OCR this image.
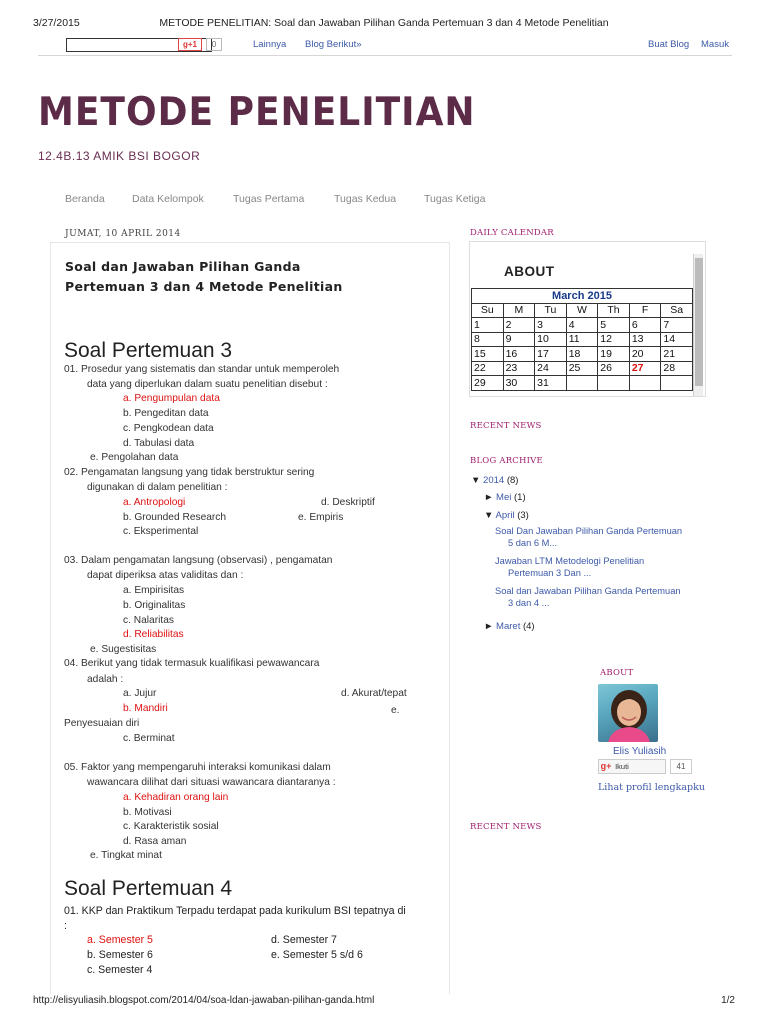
3/27/2015	METODE PENELITIAN: Soal dan Jawaban Pilihan Ganda Pertemuan 3 dan 4 Metode Penelitian
http://elisyuliasih.blogspot.com/2014/04/soa-ldan-jawaban-pilihan-ganda.html	1/2
g+1	0	Lainnya Blog Berikut»	Buat Blog Masuk
METODE PENELITIAN
12.4B.13 AMIK BSI BOGOR
Beranda	Data Kelompok	Tugas Pertama	Tugas Kedua	Tugas Ketiga
JUMAT, 10 APRIL 2014
Soal dan Jawaban Pilihan Ganda
Pertemuan 3 dan 4 Metode Penelitian
Soal Pertemuan 3
01. Prosedur yang sistematis dan standar untuk memperoleh
data yang diperlukan dalam suatu penelitian disebut :
a. Pengumpulan data
b. Pengeditan data
c. Pengkodean data
d. Tabulasi data
e. Pengolahan data
02. Pengamatan langsung yang tidak berstruktur sering
digunakan di dalam penelitian :
a. Antropologi	d. Deskriptif
b. Grounded Research	e. Empiris
c. Eksperimental
03. Dalam pengamatan langsung (observasi) , pengamatan
dapat diperiksa atas validitas dan :
a. Empirisitas
b. Originalitas
c. Nalaritas
d. Reliabilitas
e. Sugestisitas
04. Berikut yang tidak termasuk kualifikasi pewawancara
adalah :
a. Jujur	d. Akurat/tepat
b. Mandiri	e.
Penyesuaian diri
c. Berminat
05. Faktor yang mempengaruhi interaksi komunikasi dalam
wawancara dilihat dari situasi wawancara diantaranya :
a. Kehadiran orang lain
b. Motivasi
c. Karakteristik sosial
d. Rasa aman
e. Tingkat minat
Soal Pertemuan 4
01. KKP dan Praktikum Terpadu terdapat pada kurikulum BSI tepatnya di
:
a. Semester 5	d. Semester 7
b. Semester 6	e. Semester 5 s/d 6
c. Semester 4
DAILY CALENDAR
ABOUT
March 2015						
Su	M	Tu	W	Th	F	Sa
1	2	3	4	5	6	7
8	9	10	11	12	13	14
15	16	17	18	19	20	21
22	23	24	25	26	27	28
29	30	31				
RECENT NEWS
BLOG ARCHIVE
▼ 2014 (8)
► Mei (1)
▼ April (3)
Soal Dan Jawaban Pilihan Ganda Pertemuan
5 dan 6 M...
Jawaban LTM Metodelogi Penelitian
Pertemuan 3 Dan ...
Soal dan Jawaban Pilihan Ganda Pertemuan
3 dan 4 ...
► Maret (4)
ABOUT
Elis Yuliasih
g+ Ikuti	41
Lihat profil lengkapku
RECENT NEWS
